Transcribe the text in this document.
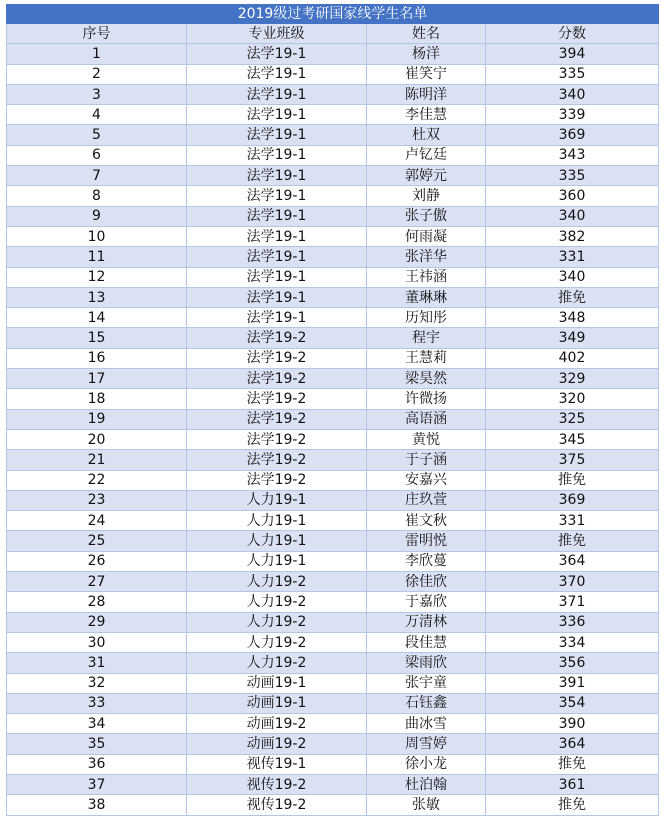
2019级过考研国家线学生名单			
序号	专业班级	姓名	分数
1	法学19-1	杨洋	394
2	法学19-1	崔笑宁	335
3	法学19-1	陈明洋	340
4	法学19-1	李佳慧	339
5	法学19-1	杜双	369
6	法学19-1	卢钇廷	343
7	法学19-1	郭婷元	335
8	法学19-1	刘静	360
9	法学19-1	张子傲	340
10	法学19-1	何雨凝	382
11	法学19-1	张洋华	331
12	法学19-1	王祎涵	340
13	法学19-1	董琳琳	推免
14	法学19-1	历知彤	348
15	法学19-2	程宇	349
16	法学19-2	王慧莉	402
17	法学19-2	梁昊然	329
18	法学19-2	许微扬	320
19	法学19-2	高语涵	325
20	法学19-2	黄悦	345
21	法学19-2	于子涵	375
22	法学19-2	安嘉兴	推免
23	人力19-1	庄玖萱	369
24	人力19-1	崔文秋	331
25	人力19-1	雷明悦	推免
26	人力19-1	李欣蔓	364
27	人力19-2	徐佳欣	370
28	人力19-2	于嘉欣	371
29	人力19-2	万清林	336
30	人力19-2	段佳慧	334
31	人力19-2	梁雨欣	356
32	动画19-1	张宇童	391
33	动画19-1	石钰鑫	354
34	动画19-2	曲冰雪	390
35	动画19-2	周雪婷	364
36	视传19-1	徐小龙	推免
37	视传19-2	杜泊翰	361
38	视传19-2	张敏	推免
